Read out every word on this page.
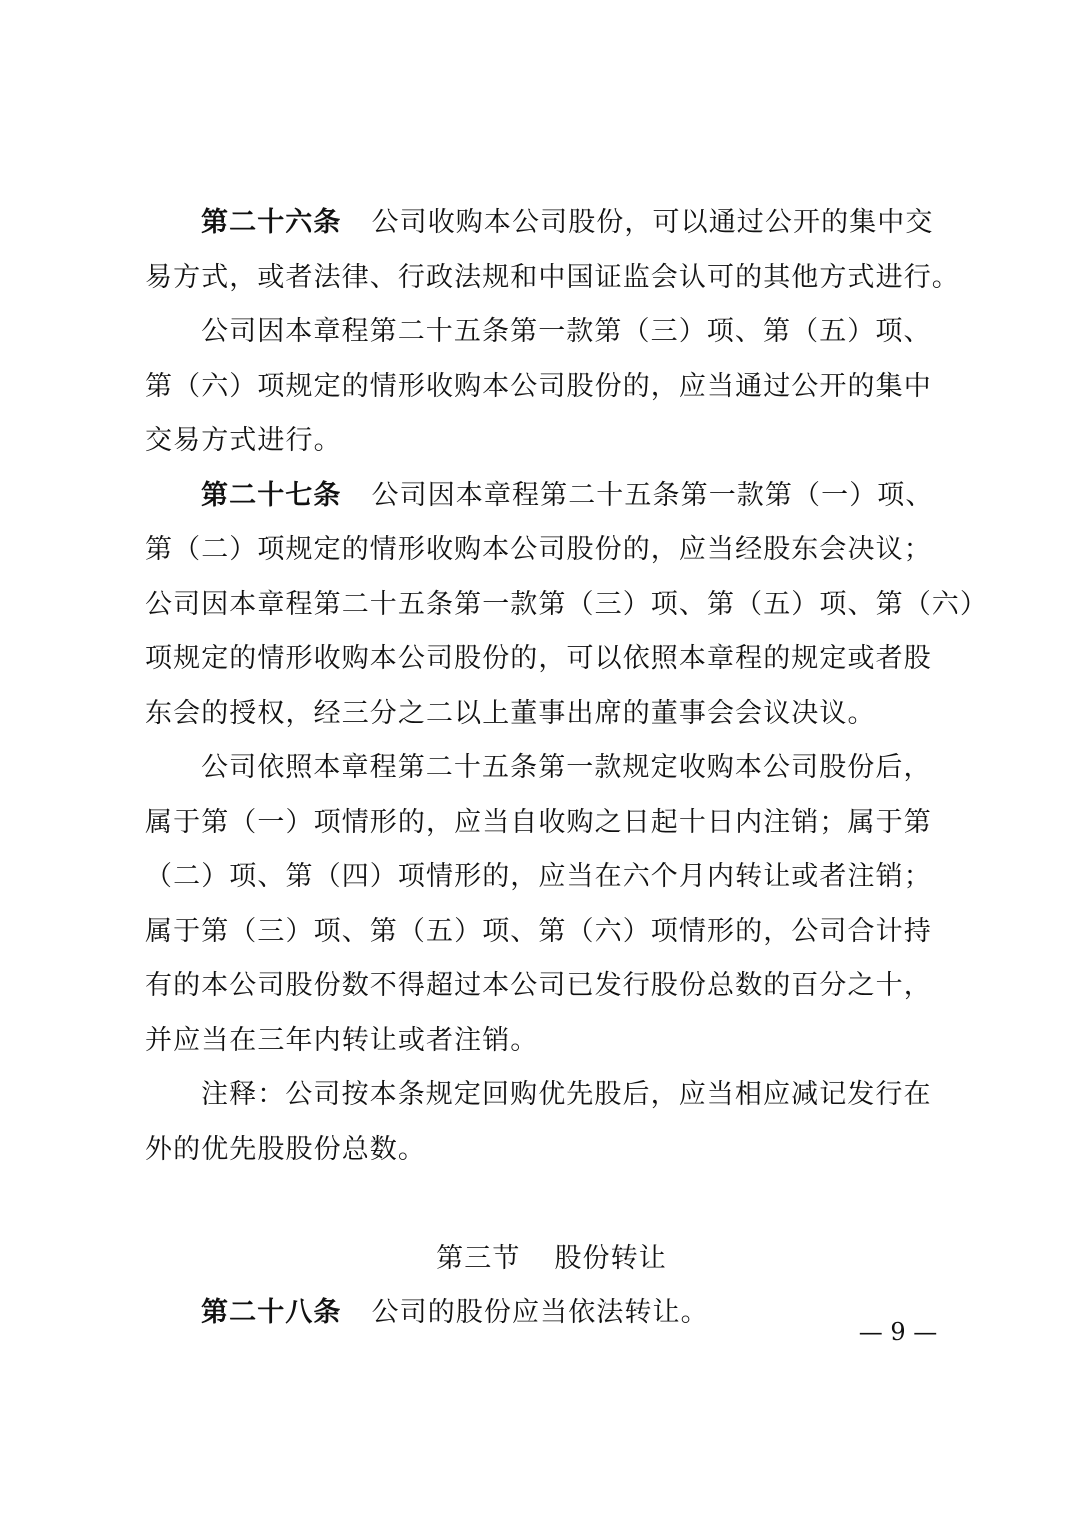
第二十六条 公司收购本公司股份，可以通过公开的集中交
易方式，或者法律、行政法规和中国证监会认可的其他方式进行。
公司因本章程第二十五条第一款第（三）项、第（五）项、
第（六）项规定的情形收购本公司股份的，应当通过公开的集中
交易方式进行。
第二十七条 公司因本章程第二十五条第一款第（一）项、
第（二）项规定的情形收购本公司股份的，应当经股东会决议；
公司因本章程第二十五条第一款第（三）项、第（五）项、第（六）
项规定的情形收购本公司股份的，可以依照本章程的规定或者股
东会的授权，经三分之二以上董事出席的董事会会议决议。
公司依照本章程第二十五条第一款规定收购本公司股份后，
属于第（一）项情形的，应当自收购之日起十日内注销；属于第
（二）项、第（四）项情形的，应当在六个月内转让或者注销；
属于第（三）项、第（五）项、第（六）项情形的，公司合计持
有的本公司股份数不得超过本公司已发行股份总数的百分之十，
并应当在三年内转让或者注销。
注释：公司按本条规定回购优先股后，应当相应减记发行在
外的优先股股份总数。
第三节 股份转让
第二十八条 公司的股份应当依法转让。
— 9 —
